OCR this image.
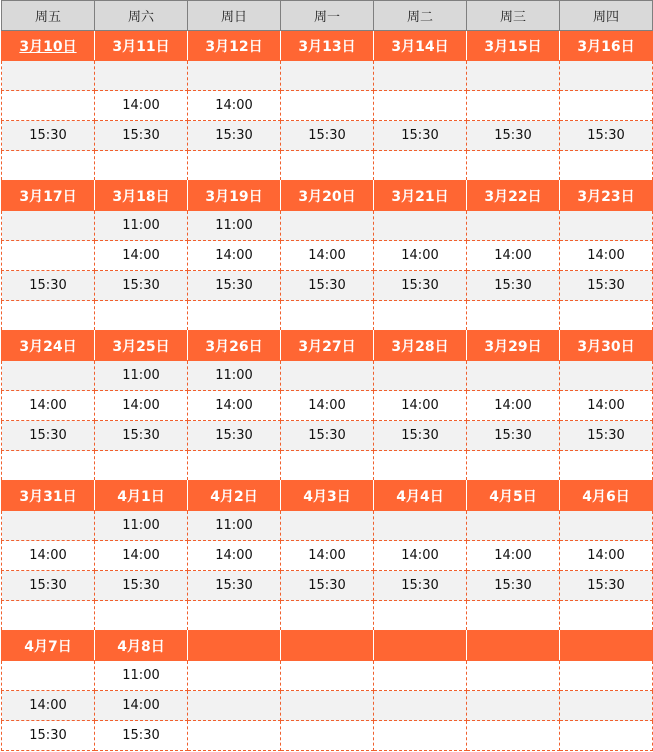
周五	周六	周日	周一	周二	周三	周四
3月10日	3月11日	3月12日	3月13日	3月14日	3月15日	3月16日

	14:00	14:00				
15:30	15:30	15:30	15:30	15:30	15:30	15:30

3月17日	3月18日	3月19日	3月20日	3月21日	3月22日	3月23日
	11:00	11:00				
	14:00	14:00	14:00	14:00	14:00	14:00
15:30	15:30	15:30	15:30	15:30	15:30	15:30

3月24日	3月25日	3月26日	3月27日	3月28日	3月29日	3月30日
	11:00	11:00				
14:00	14:00	14:00	14:00	14:00	14:00	14:00
15:30	15:30	15:30	15:30	15:30	15:30	15:30

3月31日	4月1日	4月2日	4月3日	4月4日	4月5日	4月6日
	11:00	11:00				
14:00	14:00	14:00	14:00	14:00	14:00	14:00
15:30	15:30	15:30	15:30	15:30	15:30	15:30

4月7日	4月8日					
	11:00					
14:00	14:00					
15:30	15:30					
